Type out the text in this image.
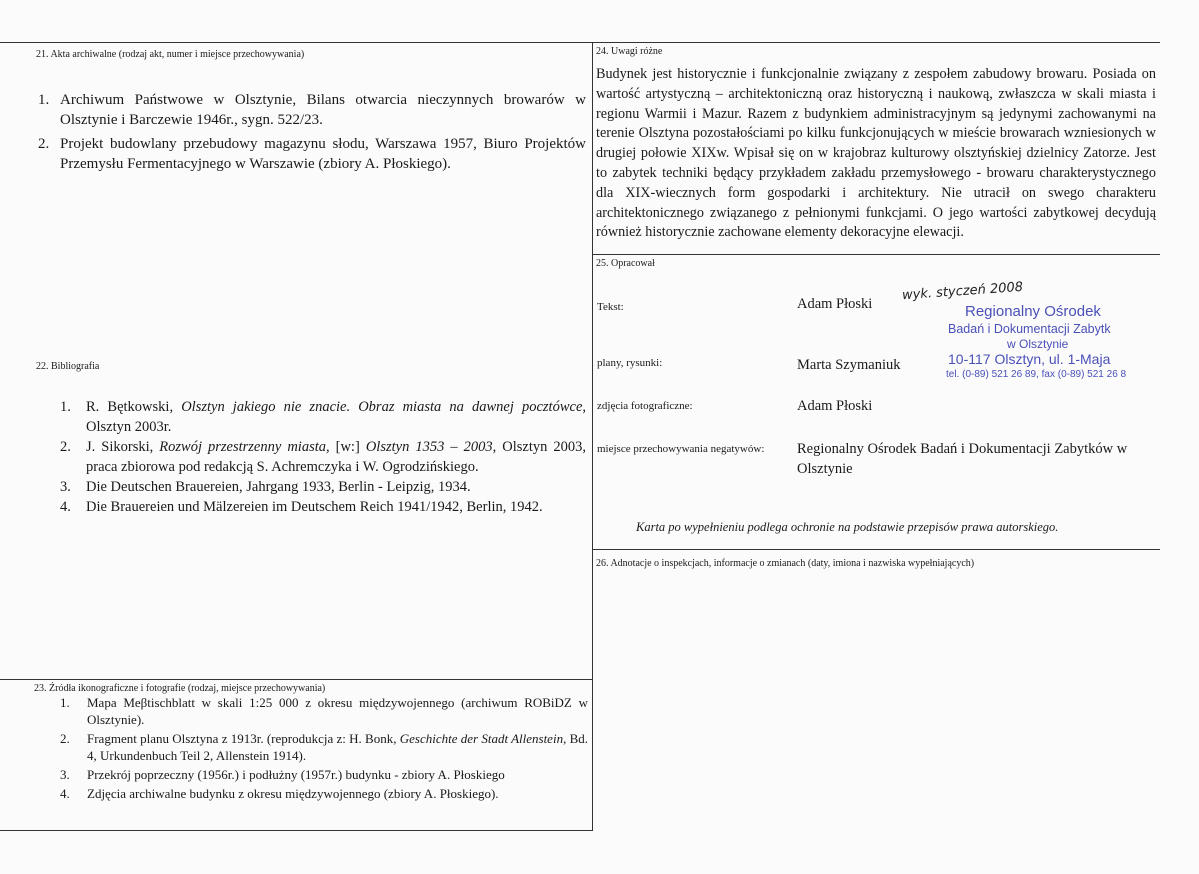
21. Akta archiwalne (rodzaj akt, numer i miejsce przechowywania)
1. Archiwum Państwowe w Olsztynie, Bilans otwarcia nieczynnych browarów w Olsztynie i Barczewie 1946r., sygn. 522/23.
2. Projekt budowlany przebudowy magazynu słodu, Warszawa 1957, Biuro Projektów Przemysłu Fermentacyjnego w Warszawie (zbiory A. Płoskiego).
22. Bibliografia
1. R. Bętkowski, Olsztyn jakiego nie znacie. Obraz miasta na dawnej pocztówce, Olsztyn 2003r.
2. J. Sikorski, Rozwój przestrzenny miasta, [w:] Olsztyn 1353 – 2003, Olsztyn 2003, praca zbiorowa pod redakcją S. Achremczyka i W. Ogrodzińskiego.
3. Die Deutschen Brauereien, Jahrgang 1933, Berlin - Leipzig, 1934.
4. Die Brauereien und Mälzereien im Deutschem Reich 1941/1942, Berlin, 1942.
23. Źródła ikonograficzne i fotografie (rodzaj, miejsce przechowywania)
1. Mapa Meβtischblatt w skali 1:25 000 z okresu międzywojennego (archiwum ROBiDZ w Olsztynie).
2. Fragment planu Olsztyna z 1913r. (reprodukcja z: H. Bonk, Geschichte der Stadt Allenstein, Bd. 4, Urkundenbuch Teil 2, Allenstein 1914).
3. Przekrój poprzeczny (1956r.) i podłużny (1957r.) budynku - zbiory A. Płoskiego
4. Zdjęcia archiwalne budynku z okresu międzywojennego (zbiory A. Płoskiego).
24. Uwagi różne
Budynek jest historycznie i funkcjonalnie związany z zespołem zabudowy browaru. Posiada on wartość artystyczną – architektoniczną oraz historyczną i naukową, zwłaszcza w skali miasta i regionu Warmii i Mazur. Razem z budynkiem administracyjnym są jedynymi zachowanymi na terenie Olsztyna pozostałościami po kilku funkcjonujących w mieście browarach wzniesionych w drugiej połowie XIXw. Wpisał się on w krajobraz kulturowy olsztyńskiej dzielnicy Zatorze. Jest to zabytek techniki będący przykładem zakładu przemysłowego - browaru charakterystycznego dla XIX-wiecznych form gospodarki i architektury. Nie utracił on swego charakteru architektonicznego związanego z pełnionymi funkcjami. O jego wartości zabytkowej decydują również historycznie zachowane elementy dekoracyjne elewacji.
25. Opracował
Tekst:	Adam Płoski
plany, rysunki:	Marta Szymaniuk
zdjęcia fotograficzne:	Adam Płoski
miejsce przechowywania negatywów: Regionalny Ośrodek Badań i Dokumentacji Zabytków w Olsztynie
wyk. styczeń 2008
Regionalny Ośrodek
Badań i Dokumentacji Zabytk
w Olsztynie
10-117 Olsztyn, ul. 1-Maja
tel. (0-89) 521 26 89, fax (0-89) 521 26 8
Karta po wypełnieniu podlega ochronie na podstawie przepisów prawa autorskiego.
26. Adnotacje o inspekcjach, informacje o zmianach (daty, imiona i nazwiska wypełniających)
